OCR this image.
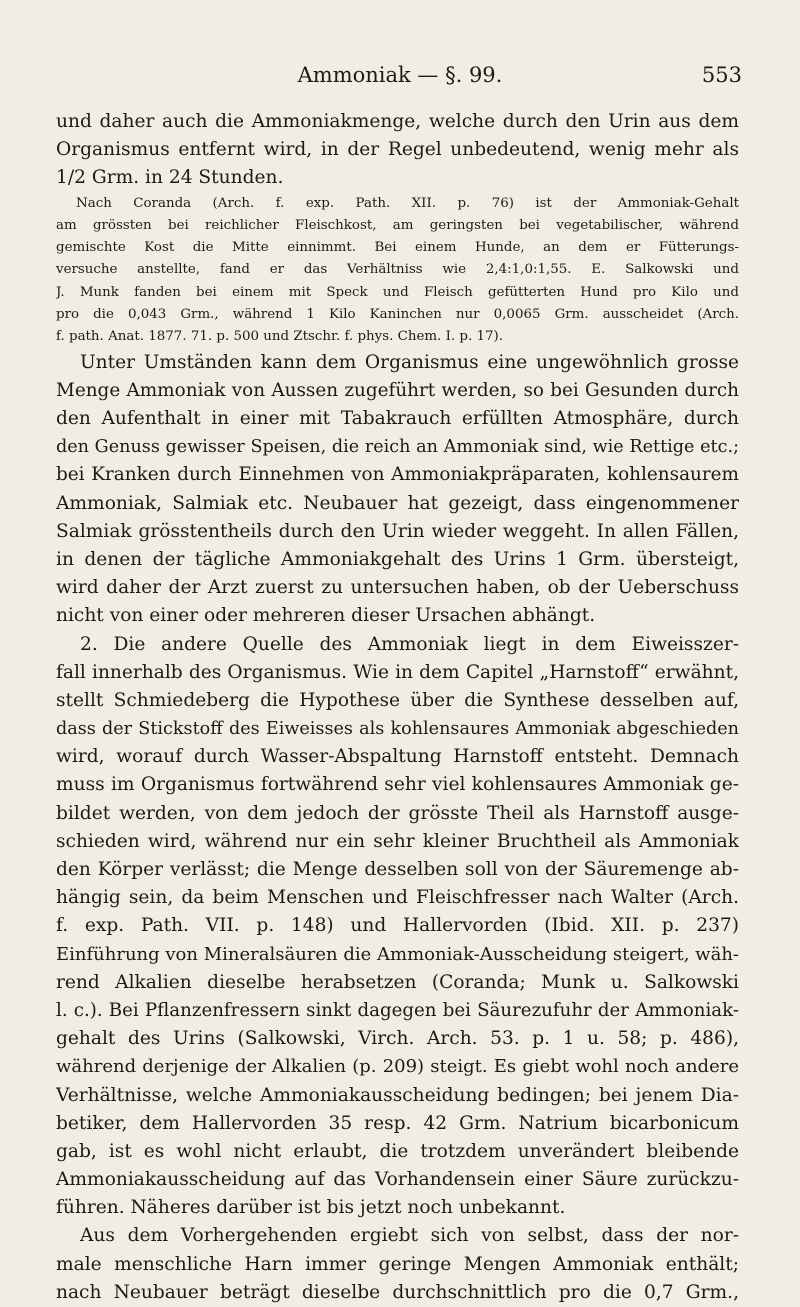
Ammoniak — §. 99.	553
und daher auch die Ammoniakmenge, welche durch den Urin aus dem
Organismus entfernt wird, in der Regel unbedeutend, wenig mehr als
1/2 Grm. in 24 Stunden.
Nach Coranda (Arch. f. exp. Path. XII. p. 76) ist der Ammoniak-Gehalt
am grössten bei reichlicher Fleischkost, am geringsten bei vegetabilischer, während
gemischte Kost die Mitte einnimmt. Bei einem Hunde, an dem er Fütterungs-
versuche anstellte, fand er das Verhältniss wie 2,4:1,0:1,55. E. Salkowski und
J. Munk fanden bei einem mit Speck und Fleisch gefütterten Hund pro Kilo und
pro die 0,043 Grm., während 1 Kilo Kaninchen nur 0,0065 Grm. ausscheidet (Arch.
f. path. Anat. 1877. 71. p. 500 und Ztschr. f. phys. Chem. I. p. 17).
Unter Umständen kann dem Organismus eine ungewöhnlich grosse
Menge Ammoniak von Aussen zugeführt werden, so bei Gesunden durch
den Aufenthalt in einer mit Tabakrauch erfüllten Atmosphäre, durch
den Genuss gewisser Speisen, die reich an Ammoniak sind, wie Rettige etc.;
bei Kranken durch Einnehmen von Ammoniakpräparaten, kohlensaurem
Ammoniak, Salmiak etc. Neubauer hat gezeigt, dass eingenommener
Salmiak grösstentheils durch den Urin wieder weggeht. In allen Fällen,
in denen der tägliche Ammoniakgehalt des Urins 1 Grm. übersteigt,
wird daher der Arzt zuerst zu untersuchen haben, ob der Ueberschuss
nicht von einer oder mehreren dieser Ursachen abhängt.
2. Die andere Quelle des Ammoniak liegt in dem Eiweisszer-
fall innerhalb des Organismus. Wie in dem Capitel „Harnstoff“ erwähnt,
stellt Schmiedeberg die Hypothese über die Synthese desselben auf,
dass der Stickstoff des Eiweisses als kohlensaures Ammoniak abgeschieden
wird, worauf durch Wasser-Abspaltung Harnstoff entsteht. Demnach
muss im Organismus fortwährend sehr viel kohlensaures Ammoniak ge-
bildet werden, von dem jedoch der grösste Theil als Harnstoff ausge-
schieden wird, während nur ein sehr kleiner Bruchtheil als Ammoniak
den Körper verlässt; die Menge desselben soll von der Säuremenge ab-
hängig sein, da beim Menschen und Fleischfresser nach Walter (Arch.
f. exp. Path. VII. p. 148) und Hallervorden (Ibid. XII. p. 237)
Einführung von Mineralsäuren die Ammoniak-Ausscheidung steigert, wäh-
rend Alkalien dieselbe herabsetzen (Coranda; Munk u. Salkowski
l. c.). Bei Pflanzenfressern sinkt dagegen bei Säurezufuhr der Ammoniak-
gehalt des Urins (Salkowski, Virch. Arch. 53. p. 1 u. 58; p. 486),
während derjenige der Alkalien (p. 209) steigt. Es giebt wohl noch andere
Verhältnisse, welche Ammoniakausscheidung bedingen; bei jenem Dia-
betiker, dem Hallervorden 35 resp. 42 Grm. Natrium bicarbonicum
gab, ist es wohl nicht erlaubt, die trotzdem unverändert bleibende
Ammoniakausscheidung auf das Vorhandensein einer Säure zurückzu-
führen. Näheres darüber ist bis jetzt noch unbekannt.
Aus dem Vorhergehenden ergiebt sich von selbst, dass der nor-
male menschliche Harn immer geringe Mengen Ammoniak enthält;
nach Neubauer beträgt dieselbe durchschnittlich pro die 0,7 Grm.,
